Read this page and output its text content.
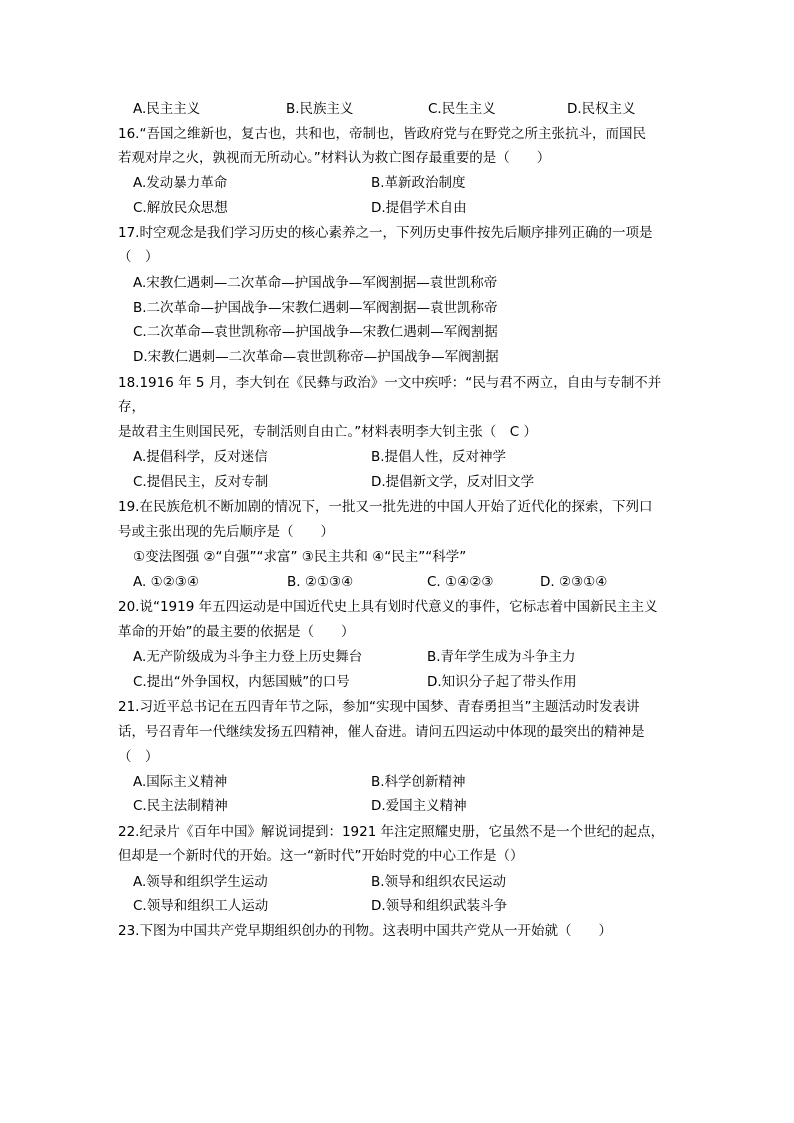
A.民主主义	B.民族主义	C.民生主义	D.民权主义
16.“吾国之维新也，复古也，共和也，帝制也，皆政府党与在野党之所主张抗斗，而国民
若观对岸之火，孰视而无所动心。”材料认为救亡图存最重要的是（　　）
A.发动暴力革命	B.革新政治制度
C.解放民众思想	D.提倡学术自由
17.时空观念是我们学习历史的核心素养之一，下列历史事件按先后顺序排列正确的一项是
（　）
A.宋教仁遇刺—二次革命—护国战争—军阀割据—袁世凯称帝
B.二次革命—护国战争—宋教仁遇刺—军阀割据—袁世凯称帝
C.二次革命—袁世凯称帝—护国战争—宋教仁遇刺—军阀割据
D.宋教仁遇刺—二次革命—袁世凯称帝—护国战争—军阀割据
18.1916 年 5 月，李大钊在《民彝与政治》一文中疾呼：“民与君不两立，自由与专制不并
存，
是故君主生则国民死，专制活则自由亡。”材料表明李大钊主张（　C ）
A.提倡科学，反对迷信	B.提倡人性，反对神学
C.提倡民主，反对专制	D.提倡新文学，反对旧文学
19.在民族危机不断加剧的情况下，一批又一批先进的中国人开始了近代化的探索，下列口
号或主张出现的先后顺序是（　　）
①变法图强 ②“自强”“求富” ③民主共和 ④“民主”“科学”
A. ①②③④	B. ②①③④	C. ①④②③	D. ②③①④
20.说“1919 年五四运动是中国近代史上具有划时代意义的事件，它标志着中国新民主主义
革命的开始”的最主要的依据是（　　）
A.无产阶级成为斗争主力登上历史舞台	B.青年学生成为斗争主力
C.提出“外争国权，内惩国贼”的口号	D.知识分子起了带头作用
21.习近平总书记在五四青年节之际，参加“实现中国梦、青春勇担当”主题活动时发表讲
话，号召青年一代继续发扬五四精神，催人奋进。请问五四运动中体现的最突出的精神是
（　）
A.国际主义精神	B.科学创新精神
C.民主法制精神	D.爱国主义精神
22.纪录片《百年中国》解说词提到：1921 年注定照耀史册，它虽然不是一个世纪的起点，
但却是一个新时代的开始。这一“新时代”开始时党的中心工作是（）
A.领导和组织学生运动	B.领导和组织农民运动
C.领导和组织工人运动	D.领导和组织武装斗争
23.下图为中国共产党早期组织创办的刊物。这表明中国共产党从一开始就（　　）
